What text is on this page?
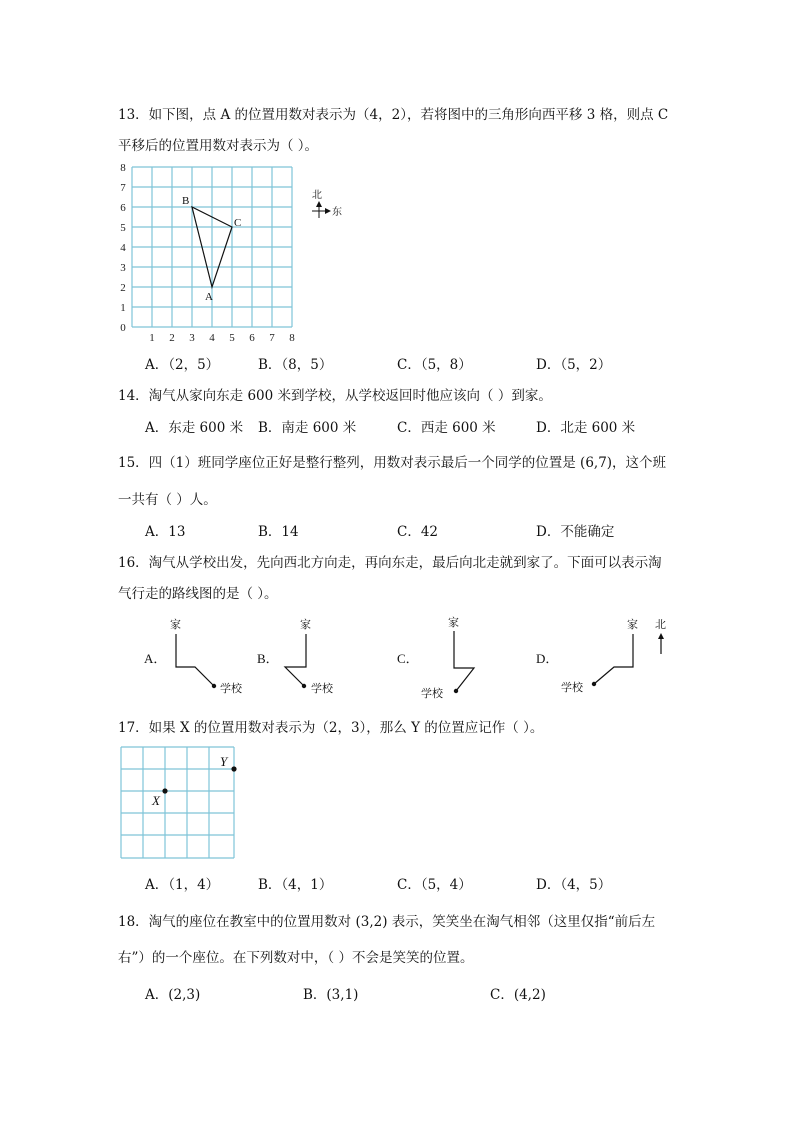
13．如下图，点 A 的位置用数对表示为（4，2），若将图中的三角形向西平移 3 格，则点 C
平移后的位置用数对表示为（ ）。
8
7
6
5
4
3
2
1
0
1 2 3 4 5 6 7 8
A
B
C
北
东
A．（2，5）	B．（8，5）	C．（5，8）	D．（5，2）
14．淘气从家向东走 600 米到学校，从学校返回时他应该向（ ）到家。
A．东走 600 米 B．南走 600 米	C．西走 600 米	D．北走 600 米
15．四（1）班同学座位正好是整行整列，用数对表示最后一个同学的位置是 (6,7)，这个班
一共有（ ）人。
A．13	B．14	C．42	D．不能确定
16．淘气从学校出发，先向西北方向走，再向东走，最后向北走就到家了。下面可以表示淘
气行走的路线图的是（ ）。
A．	B．	C．	D．
家
学校
家
学校
家
学校
家
学校
北
17．如果 X 的位置用数对表示为（2，3），那么 Y 的位置应记作（ ）。
X
Y
A．（1，4）	B．（4，1）	C．（5，4）	D．（4，5）
18．淘气的座位在教室中的位置用数对 (3,2) 表示，笑笑坐在淘气相邻（这里仅指“前后左
右”）的一个座位。在下列数对中，（ ）不会是笑笑的位置。
A．(2,3)	B．(3,1)	C．(4,2)
